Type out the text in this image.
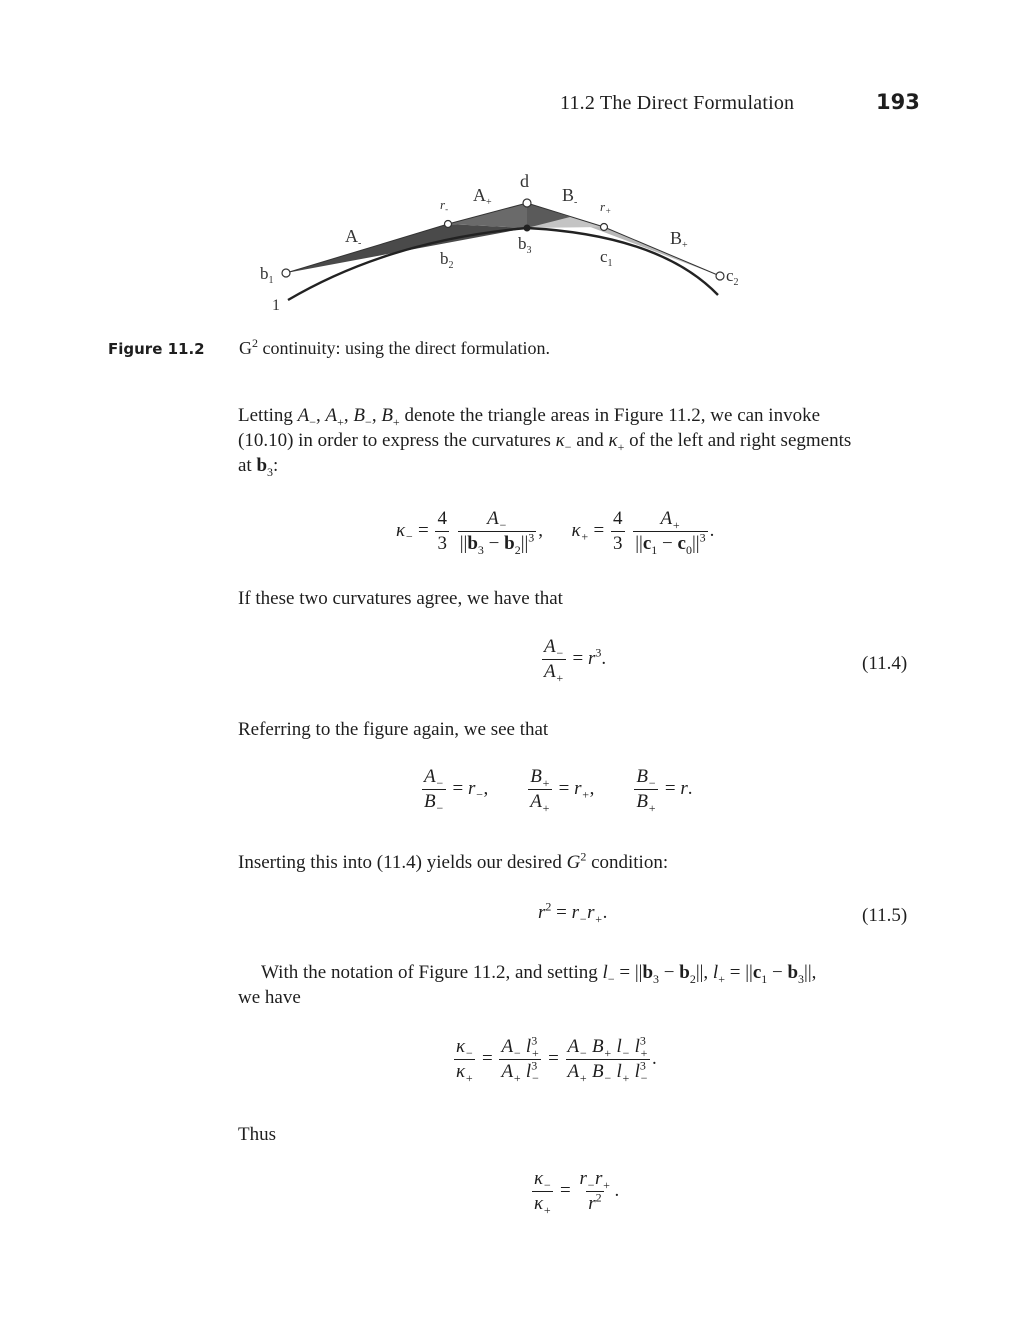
11.2 The Direct Formulation	193
$A_+$
d
$B_-$
$r_-$	$r_+$
$A_-$	$B_+$
$b_3$
$b_2$	$c_1$
$b_1$	$c_2$
1
Figure 11.2 $G^2$ continuity: using the direct formulation.
Letting $A_-$, $A_+$, $B_-$, $B_+$ denote the triangle areas in Figure 11.2, we can invoke
(10.10) in order to express the curvatures $\kappa_-$ and $\kappa_+$ of the left and right segments
at $b_3$:
$\kappa_- = \frac{4}{3}$
$\frac{A_-}{||b_3 - b_2||^3}$ , $\kappa_+ = \frac{4}{3}$
$\frac{A_+}{||c_1 - c_0||^3}$ .
If these two curvatures agree, we have that
$\frac{A_-}{A_+} = r^3$.	(11.4)
Referring to the figure again, we see that
$\frac{A_-}{B_-} = r_-$, $\frac{B_+}{A_+} = r_+$, $\frac{B_-}{B_+} = r$.
Inserting this into (11.4) yields our desired $G^2$ condition:
$r^2 = r_-r_+$.	(11.5)
With the notation of Figure 11.2, and setting $l_- = ||b_3 - b_2||$, $l_+ = ||c_1 - b_3||$,
we have
$\frac{\kappa_-}{\kappa_+} = \frac{A_- l^3_+}{A_+ l^3_-} = \frac{A_- B_+ l_- l^3_+}{A_+ B_- l_+ l^3_-}$ .
Thus
$\frac{\kappa_-}{\kappa_+} = \frac{r_-r_+}{r^2}$ .
